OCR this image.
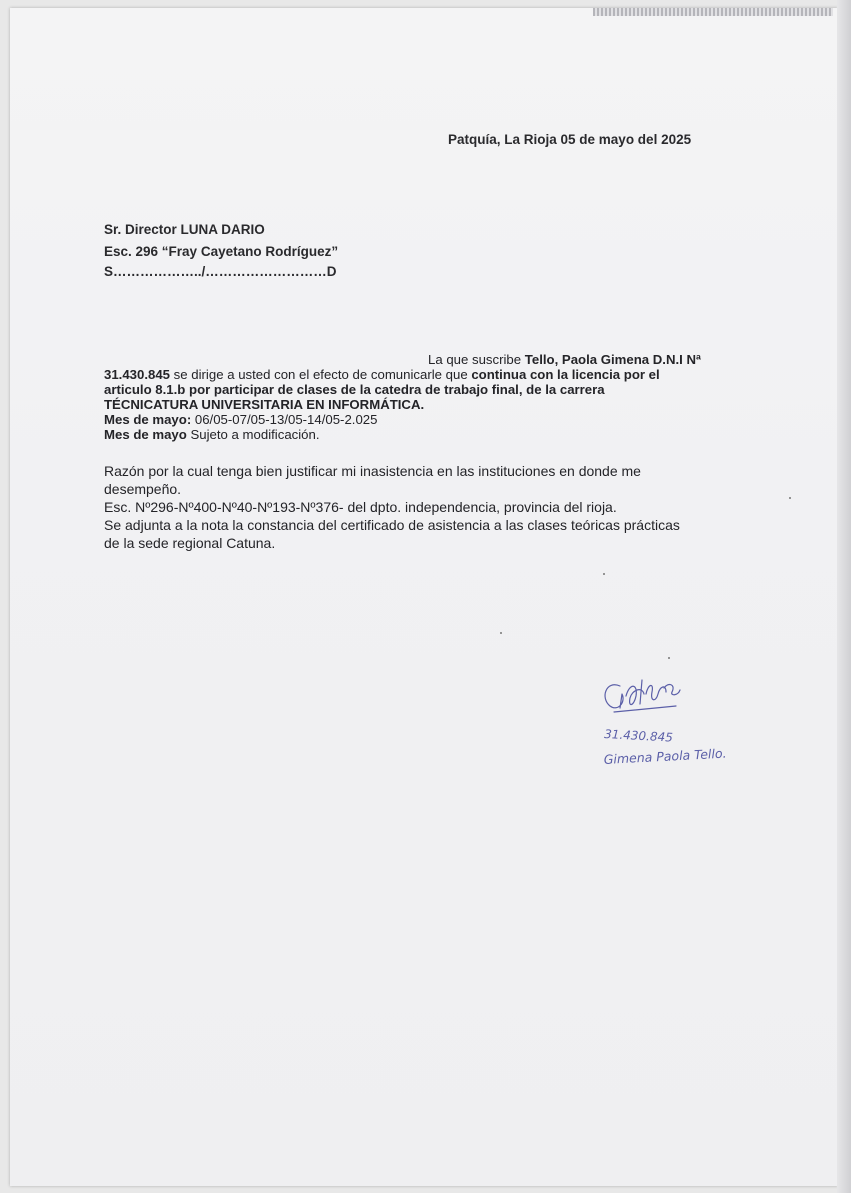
Patquía, La Rioja 05 de mayo del 2025
Sr. Director LUNA DARIO
Esc. 296 “Fray Cayetano Rodríguez”
S………………../………………………D
La que suscribe Tello, Paola Gimena D.N.I Nª
31.430.845 se dirige a usted con el efecto de comunicarle que continua con la licencia por el
articulo 8.1.b por participar de clases de la catedra de trabajo final, de la carrera
TÉCNICATURA UNIVERSITARIA EN INFORMÁTICA.
Mes de mayo: 06/05-07/05-13/05-14/05-2.025
Mes de mayo Sujeto a modificación.
Razón por la cual tenga bien justificar mi inasistencia en las instituciones en donde me
desempeño.
Esc. Nº296-Nº400-Nº40-Nº193-Nº376- del dpto. independencia, provincia del rioja.
Se adjunta a la nota la constancia del certificado de asistencia a las clases teóricas prácticas
de la sede regional Catuna.
31.430.845
Gimena Paola Tello.
